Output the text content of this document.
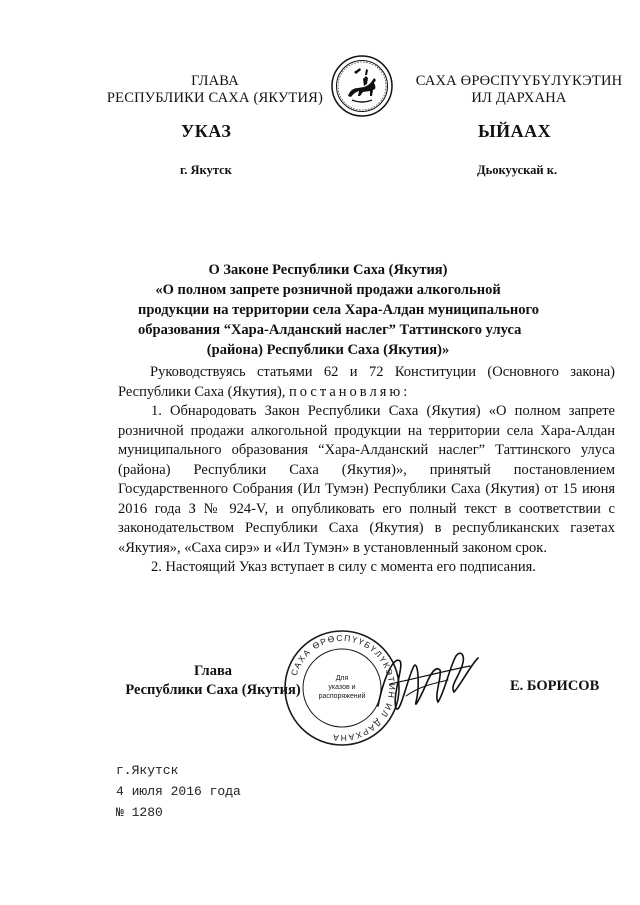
ГЛАВА
РЕСПУБЛИКИ САХА (ЯКУТИЯ)
САХА ӨРӨСПҮҮБҮЛҮКЭТИН
ИЛ ДАРХАНА
УКАЗ	ЫЙААХ
г. Якутск	Дьокуускай к.
О Законе Республики Саха (Якутия)
«О полном запрете розничной продажи алкогольной
продукции на территории села Хара-Алдан муниципального
образования “Хара-Алданский наслег” Таттинского улуса
(района) Республики Саха (Якутия)»

Руководствуясь статьями 62 и 72 Конституции (Основного закона) Республики Саха (Якутия), постановляю:

1. Обнародовать Закон Республики Саха (Якутия) «О полном запрете розничной продажи алкогольной продукции на территории села Хара-Алдан муниципального образования “Хара-Алданский наслег” Таттинского улуса (района) Республики Саха (Якутия)», принятый постановлением Государственного Собрания (Ил Тумэн) Республики Саха (Якутия) от 15 июня 2016 года З № 924-V, и опубликовать его полный текст в соответствии с законодательством Республики Саха (Якутия) в республиканских газетах «Якутия», «Саха сирэ» и «Ил Тумэн» в установленный законом срок.

2. Настоящий Указ вступает в силу с момента его подписания.

Глава
Республики Саха (Якутия)
САХА ӨРӨСПҮҮБҮЛҮКЭТИН ИЛ ДАРХАНА
Для
указов и
распоряжений
Е. БОРИСОВ
г.Якутск
4 июля 2016 года
№ 1280
